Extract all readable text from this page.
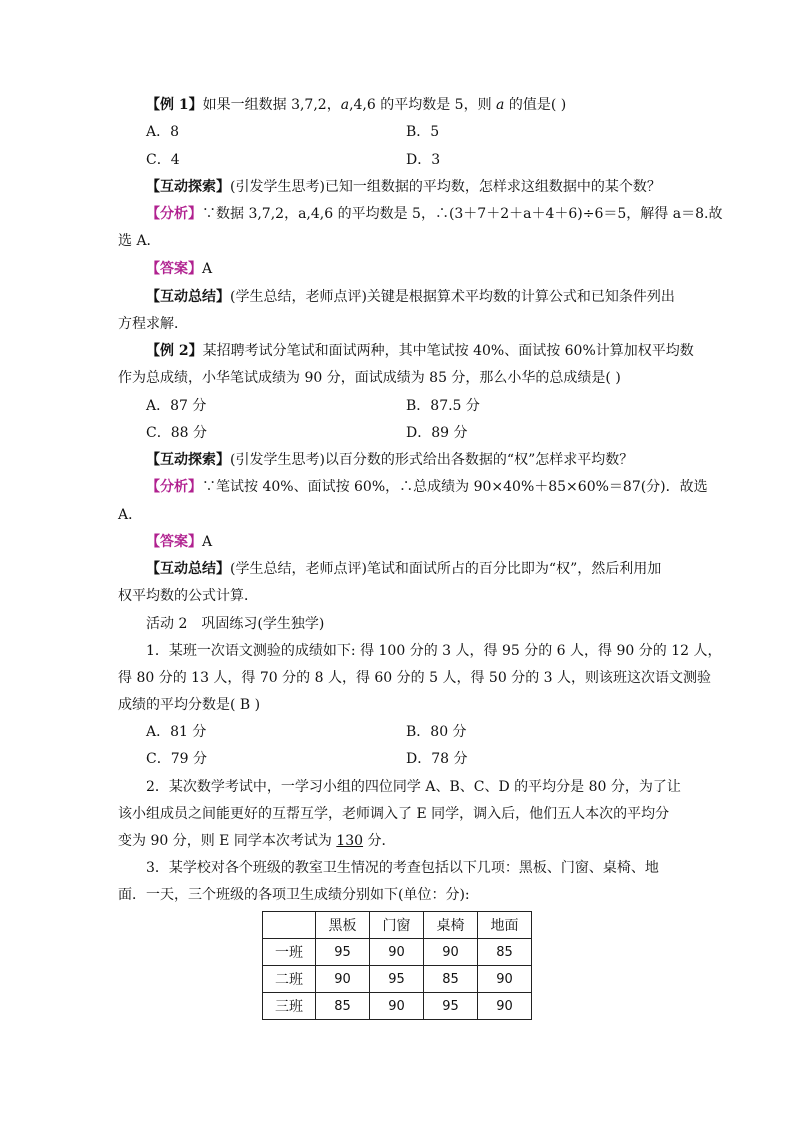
【例 1】如果一组数据 3,7,2，a,4,6 的平均数是 5，则 a 的值是( )
A．8	B．5
C．4	D．3
【互动探索】(引发学生思考)已知一组数据的平均数，怎样求这组数据中的某个数？
【分析】∵数据 3,7,2，a,4,6 的平均数是 5，∴(3＋7＋2＋a＋4＋6)÷6＝5，解得 a＝8.故
选 A．
【答案】A
【互动总结】(学生总结，老师点评)关键是根据算术平均数的计算公式和已知条件列出
方程求解．
【例 2】某招聘考试分笔试和面试两种，其中笔试按 40%、面试按 60%计算加权平均数
作为总成绩，小华笔试成绩为 90 分，面试成绩为 85 分，那么小华的总成绩是( )
A．87 分	B．87.5 分
C．88 分	D．89 分
【互动探索】(引发学生思考)以百分数的形式给出各数据的“权”怎样求平均数？
【分析】∵笔试按 40%、面试按 60%，∴总成绩为 90×40%＋85×60%＝87(分)．故选
A．
【答案】A
【互动总结】(学生总结，老师点评)笔试和面试所占的百分比即为“权”，然后利用加
权平均数的公式计算．
活动 2　巩固练习(学生独学)
1．某班一次语文测验的成绩如下: 得 100 分的 3 人，得 95 分的 6 人，得 90 分的 12 人，
得 80 分的 13 人，得 70 分的 8 人，得 60 分的 5 人，得 50 分的 3 人，则该班这次语文测验
成绩的平均分数是( B )
A．81 分	B．80 分
C．79 分	D．78 分
2．某次数学考试中，一学习小组的四位同学 A、B、C、D 的平均分是 80 分，为了让
该小组成员之间能更好的互帮互学，老师调入了 E 同学，调入后，他们五人本次的平均分
变为 90 分，则 E 同学本次考试为 130 分．
3．某学校对各个班级的教室卫生情况的考查包括以下几项：黑板、门窗、桌椅、地
面．一天，三个班级的各项卫生成绩分别如下(单位：分):
	黑板	门窗	桌椅	地面
一班	95	90	90	85
二班	90	95	85	90
三班	85	90	95	90
